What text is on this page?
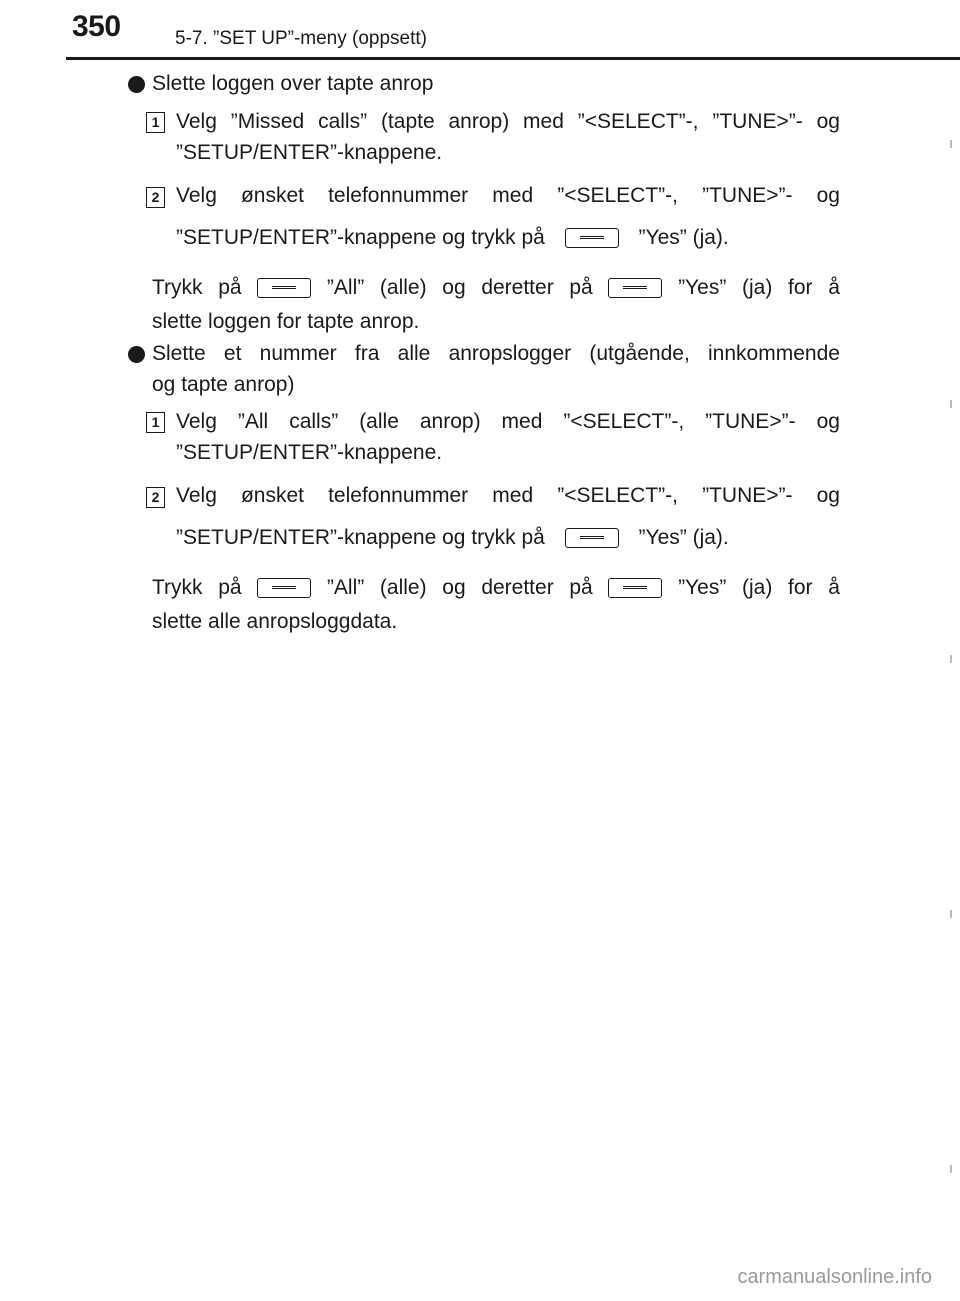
350	5-7. ”SET UP”-meny (oppsett)
Slette loggen over tapte anrop
1 Velg ”Missed calls” (tapte anrop) med ”<SELECT”-, ”TUNE>”- og
”SETUP/ENTER”-knappene.
2 Velg ønsket telefonnummer med ”<SELECT”-, ”TUNE>”- og
”SETUP/ENTER”-knappene og trykk på	”Yes” (ja).
Trykk på	”All” (alle) og deretter på	”Yes” (ja) for å
slette loggen for tapte anrop.
Slette et nummer fra alle anropslogger (utgående, innkommende
og tapte anrop)
1 Velg ”All calls” (alle anrop) med ”<SELECT”-, ”TUNE>”- og
”SETUP/ENTER”-knappene.
2 Velg ønsket telefonnummer med ”<SELECT”-, ”TUNE>”- og
”SETUP/ENTER”-knappene og trykk på	”Yes” (ja).
Trykk på	”All” (alle) og deretter på	”Yes” (ja) for å
slette alle anropsloggdata.
carmanualsonline.info
